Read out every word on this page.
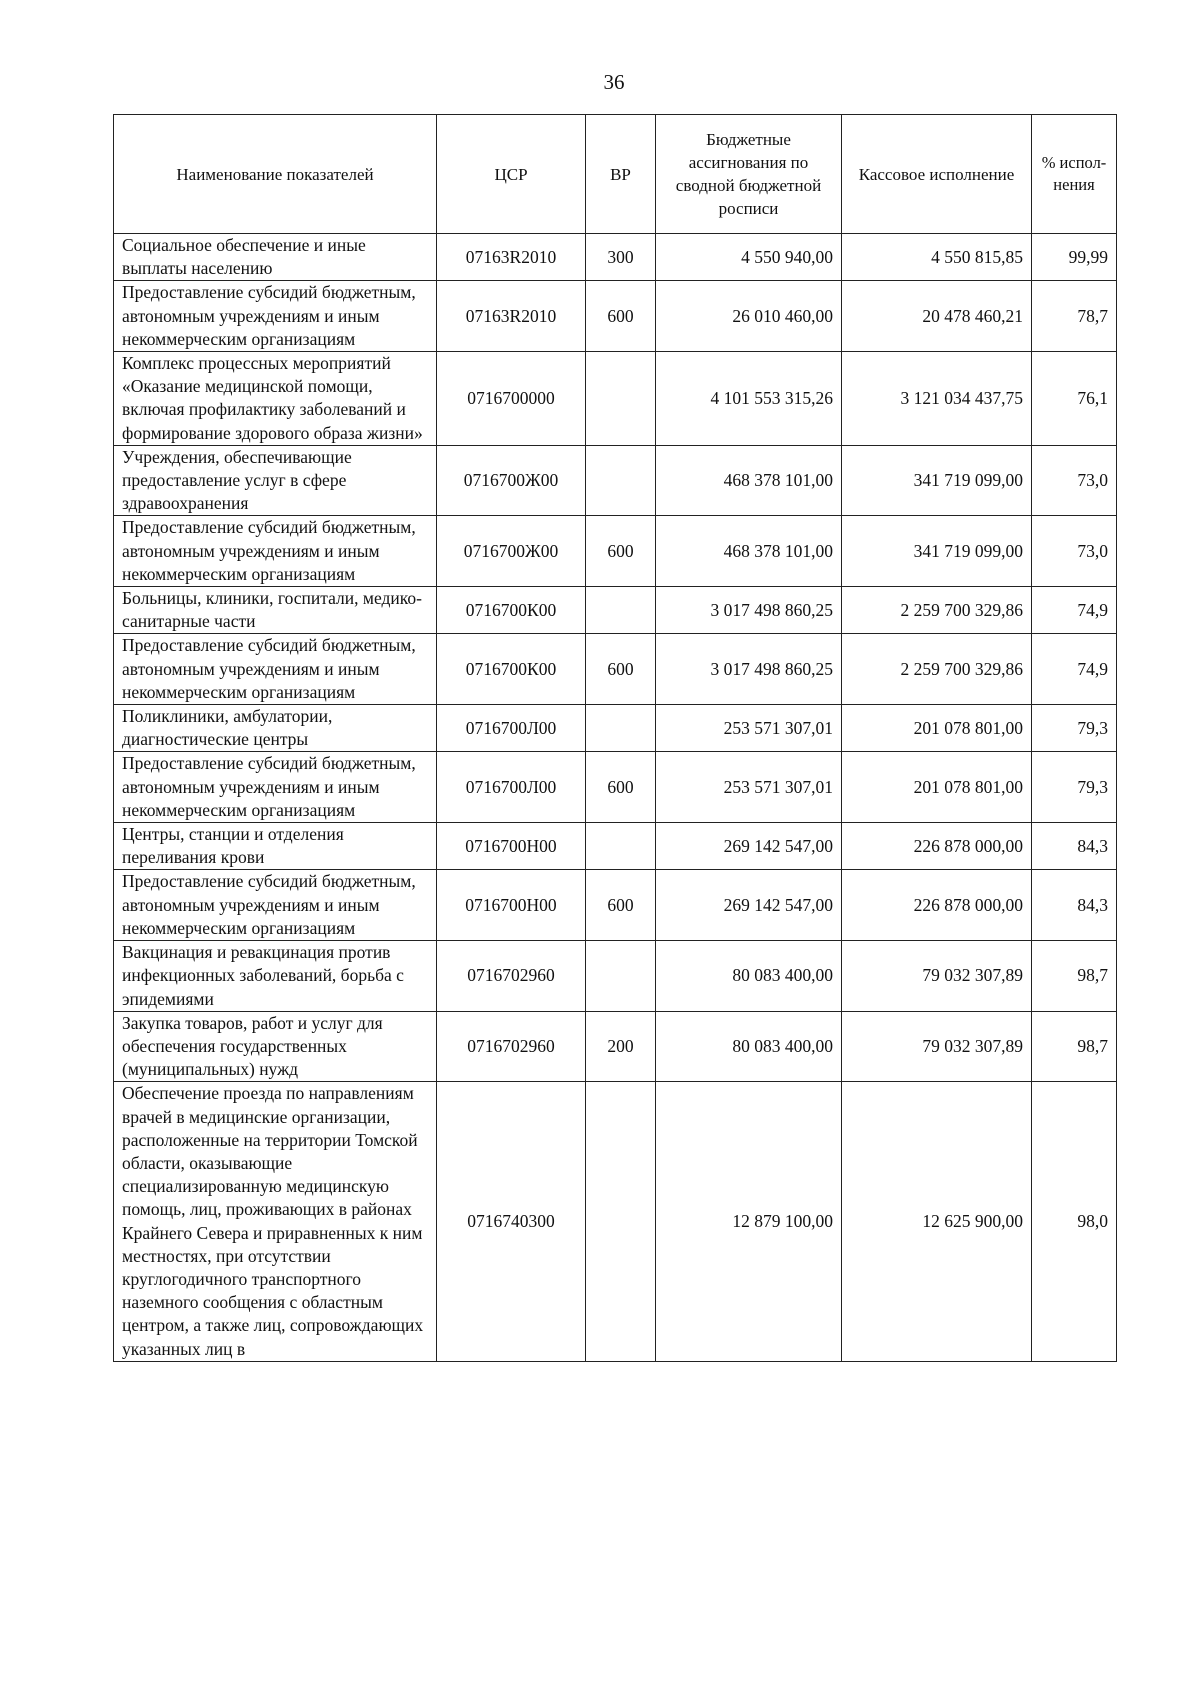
36
Наименование показателей	ЦСР	ВР	Бюджетные ассигнования по сводной бюджетной росписи	Кассовое исполнение	% испол-нения
Социальное обеспечение и иные выплаты населению	07163R2010	300	4 550 940,00	4 550 815,85	99,99
Предоставление субсидий бюджетным, автономным учреждениям и иным некоммерческим организациям	07163R2010	600	26 010 460,00	20 478 460,21	78,7
Комплекс процессных мероприятий «Оказание медицинской помощи, включая профилактику заболеваний и формирование здорового образа жизни»	0716700000		4 101 553 315,26	3 121 034 437,75	76,1
Учреждения, обеспечивающие предоставление услуг в сфере здравоохранения	0716700Ж00		468 378 101,00	341 719 099,00	73,0
Предоставление субсидий бюджетным, автономным учреждениям и иным некоммерческим организациям	0716700Ж00	600	468 378 101,00	341 719 099,00	73,0
Больницы, клиники, госпитали, медико-санитарные части	0716700К00		3 017 498 860,25	2 259 700 329,86	74,9
Предоставление субсидий бюджетным, автономным учреждениям и иным некоммерческим организациям	0716700К00	600	3 017 498 860,25	2 259 700 329,86	74,9
Поликлиники, амбулатории, диагностические центры	0716700Л00		253 571 307,01	201 078 801,00	79,3
Предоставление субсидий бюджетным, автономным учреждениям и иным некоммерческим организациям	0716700Л00	600	253 571 307,01	201 078 801,00	79,3
Центры, станции и отделения переливания крови	0716700Н00		269 142 547,00	226 878 000,00	84,3
Предоставление субсидий бюджетным, автономным учреждениям и иным некоммерческим организациям	0716700Н00	600	269 142 547,00	226 878 000,00	84,3
Вакцинация и ревакцинация против инфекционных заболеваний, борьба с эпидемиями	0716702960		80 083 400,00	79 032 307,89	98,7
Закупка товаров, работ и услуг для обеспечения государственных (муниципальных) нужд	0716702960	200	80 083 400,00	79 032 307,89	98,7
Обеспечение проезда по направлениям врачей в медицинские организации, расположенные на территории Томской области, оказывающие специализированную медицинскую помощь, лиц, проживающих в районах Крайнего Севера и приравненных к ним местностях, при отсутствии круглогодичного транспортного наземного сообщения с областным центром, а также лиц, сопровождающих указанных лиц в	0716740300		12 879 100,00	12 625 900,00	98,0
